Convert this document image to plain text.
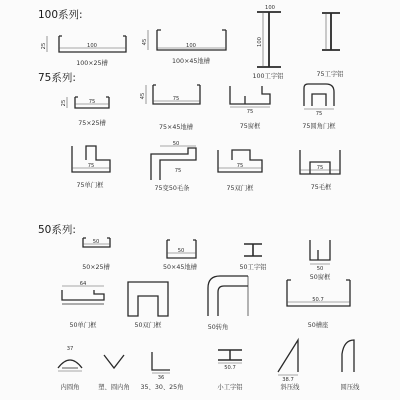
100
25	100
45	100
100
75
25
75
45
75	75
75
50
75	75
75
50
50
50
64
37
50.7
50.7
36	38.7
100系列:
75系列:
50系列:
100×25槽	100×45地槽
100工字铝	75工字铝
75×25槽
75×45地槽	75窗框	75圆角门框
75单门框	75变50毛条	75双门框	75毛框
50×25槽	50×45地槽	50工字铝
50窗框
50单门框	50双门框	50转角	50槽座
内圆角	塑、圆内角 35、30、25角	小工字铝	斜压线	圆压线
